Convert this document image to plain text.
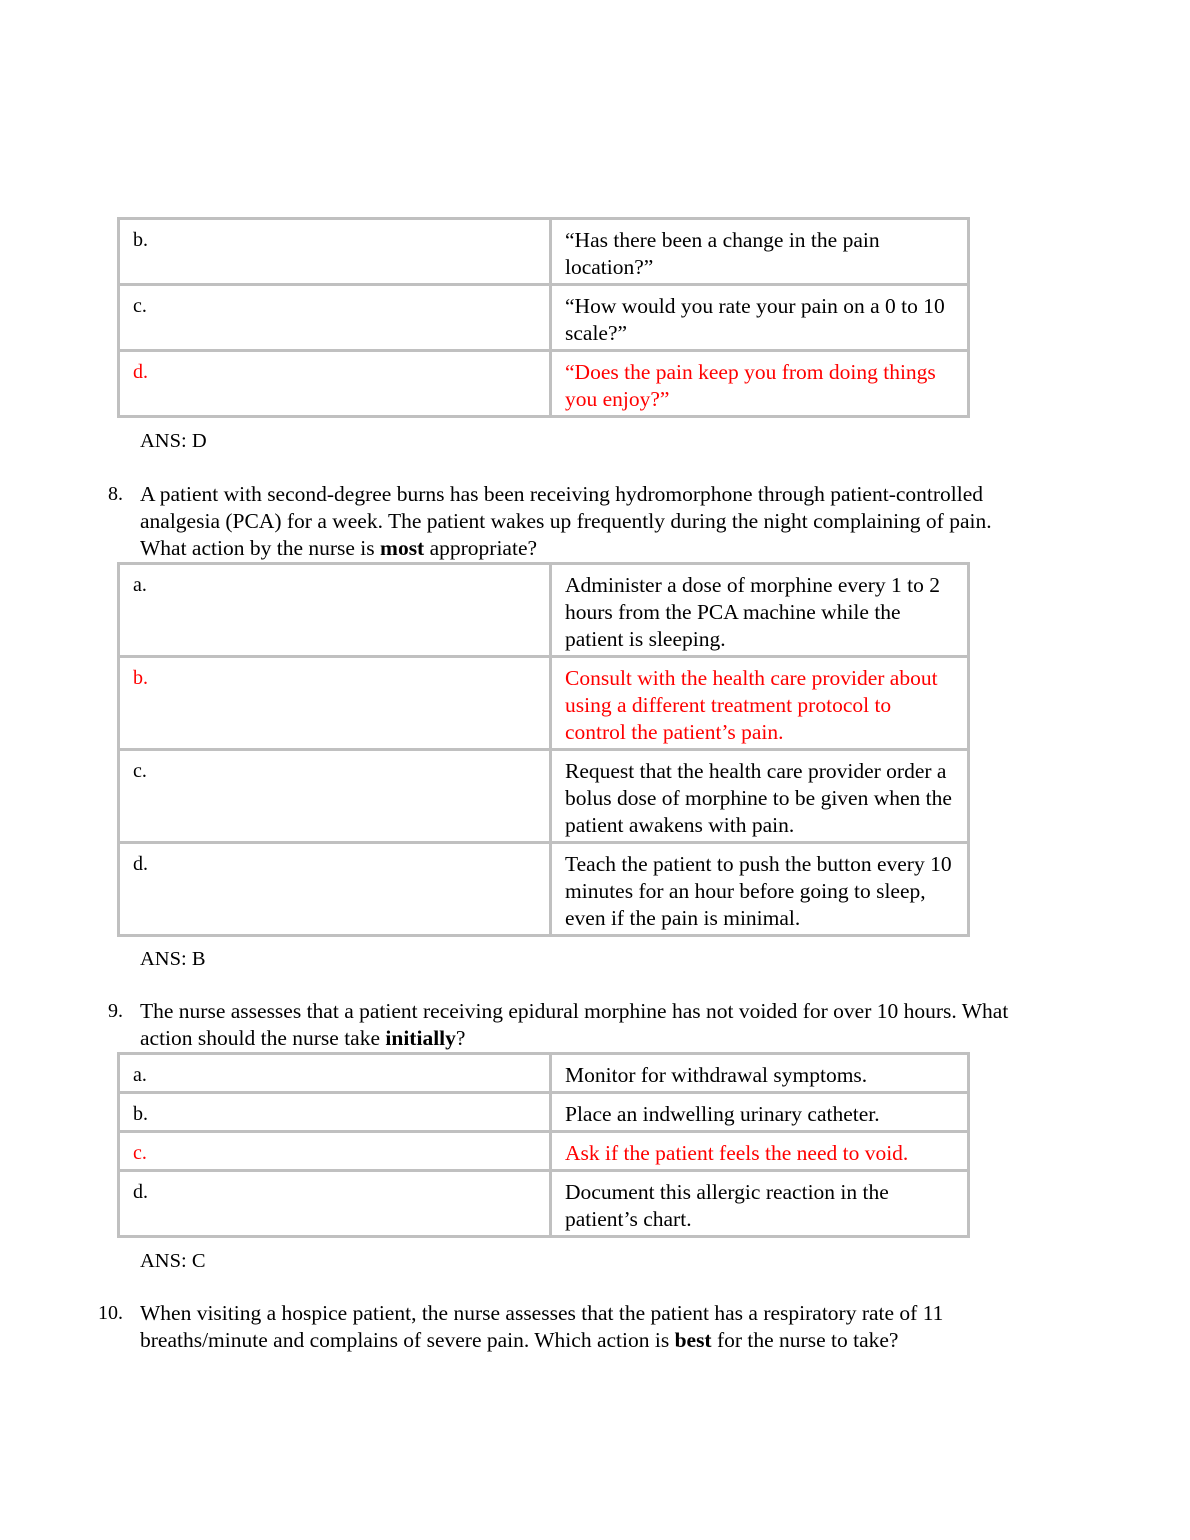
b.	“Has there been a change in the pain location?”
c.	“How would you rate your pain on a 0 to 10 scale?”
d.	“Does the pain keep you from doing things you enjoy?”
ANS: D
8. A patient with second-degree burns has been receiving hydromorphone through patient-controlled analgesia (PCA) for a week. The patient wakes up frequently during the night complaining of pain. What action by the nurse is most appropriate?
a.	Administer a dose of morphine every 1 to 2 hours from the PCA machine while the patient is sleeping.
b.	Consult with the health care provider about using a different treatment protocol to control the patient’s pain.
c.	Request that the health care provider order a bolus dose of morphine to be given when the patient awakens with pain.
d.	Teach the patient to push the button every 10 minutes for an hour before going to sleep, even if the pain is minimal.
ANS: B
9. The nurse assesses that a patient receiving epidural morphine has not voided for over 10 hours. What action should the nurse take initially?
a.	Monitor for withdrawal symptoms.
b.	Place an indwelling urinary catheter.
c.	Ask if the patient feels the need to void.
d.	Document this allergic reaction in the patient’s chart.
ANS: C
10. When visiting a hospice patient, the nurse assesses that the patient has a respiratory rate of 11 breaths/minute and complains of severe pain. Which action is best for the nurse to take?
